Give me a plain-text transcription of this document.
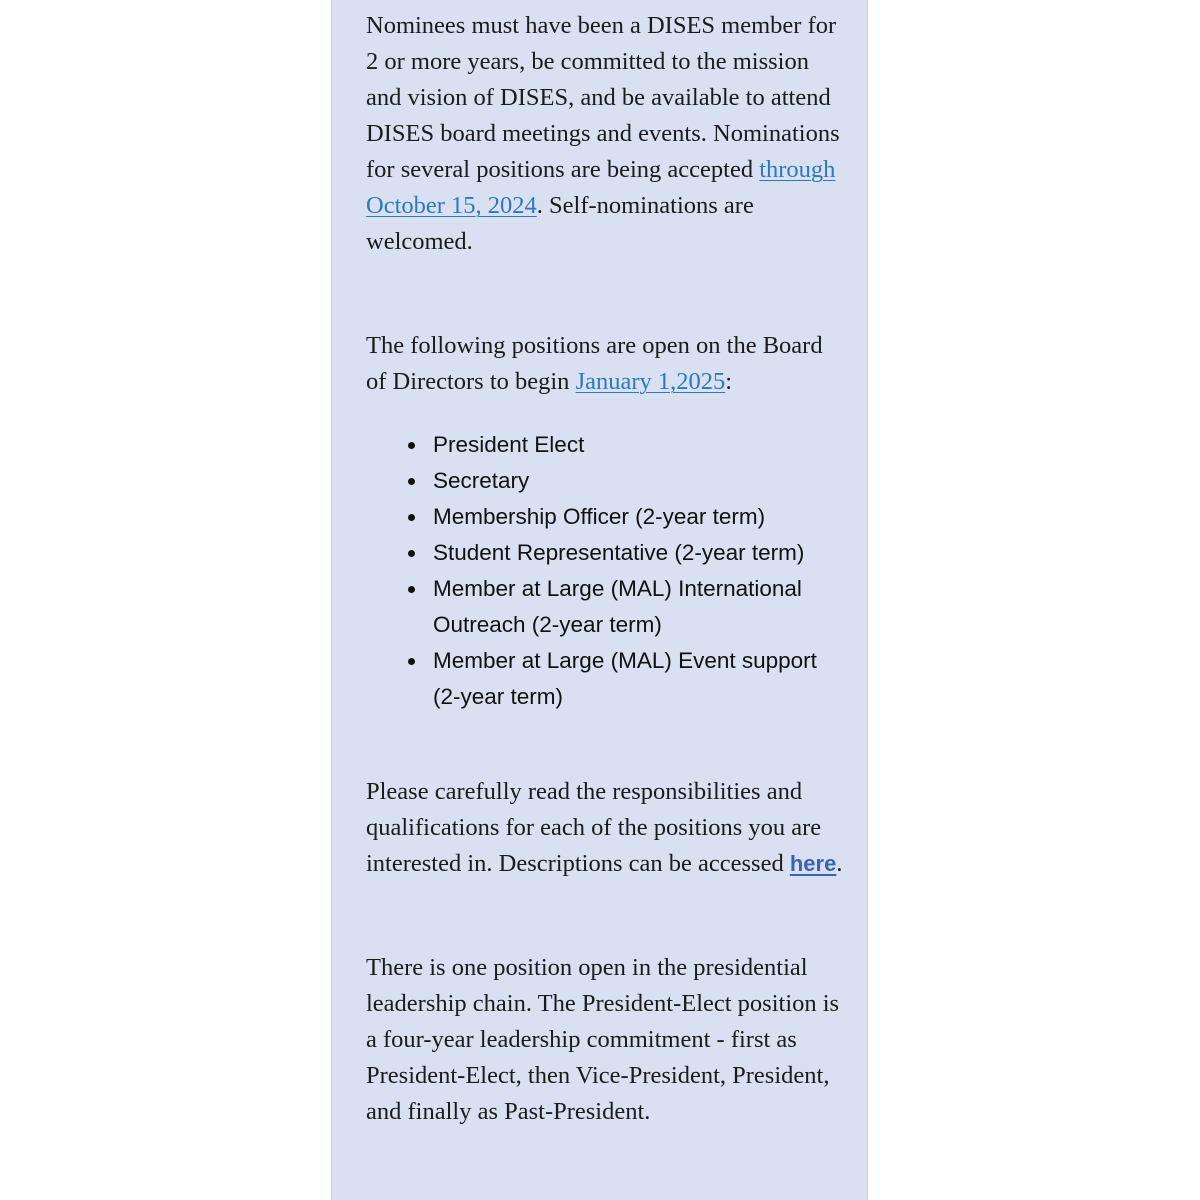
Nominees must have been a DISES member for 2 or more years, be committed to the mission and vision of DISES, and be available to attend DISES board meetings and events. Nominations for several positions are being accepted through October 15, 2024. Self-nominations are welcomed.

The following positions are open on the Board of Directors to begin January 1,2025:

President Elect
Secretary
Membership Officer (2-year term)
Student Representative (2-year term)
Member at Large (MAL) International Outreach (2-year term)
Member at Large (MAL) Event support (2-year term)

Please carefully read the responsibilities and qualifications for each of the positions you are interested in. Descriptions can be accessed here.

There is one position open in the presidential leadership chain. The President-Elect position is a four-year leadership commitment - first as President-Elect, then Vice-President, President, and finally as Past-President.
